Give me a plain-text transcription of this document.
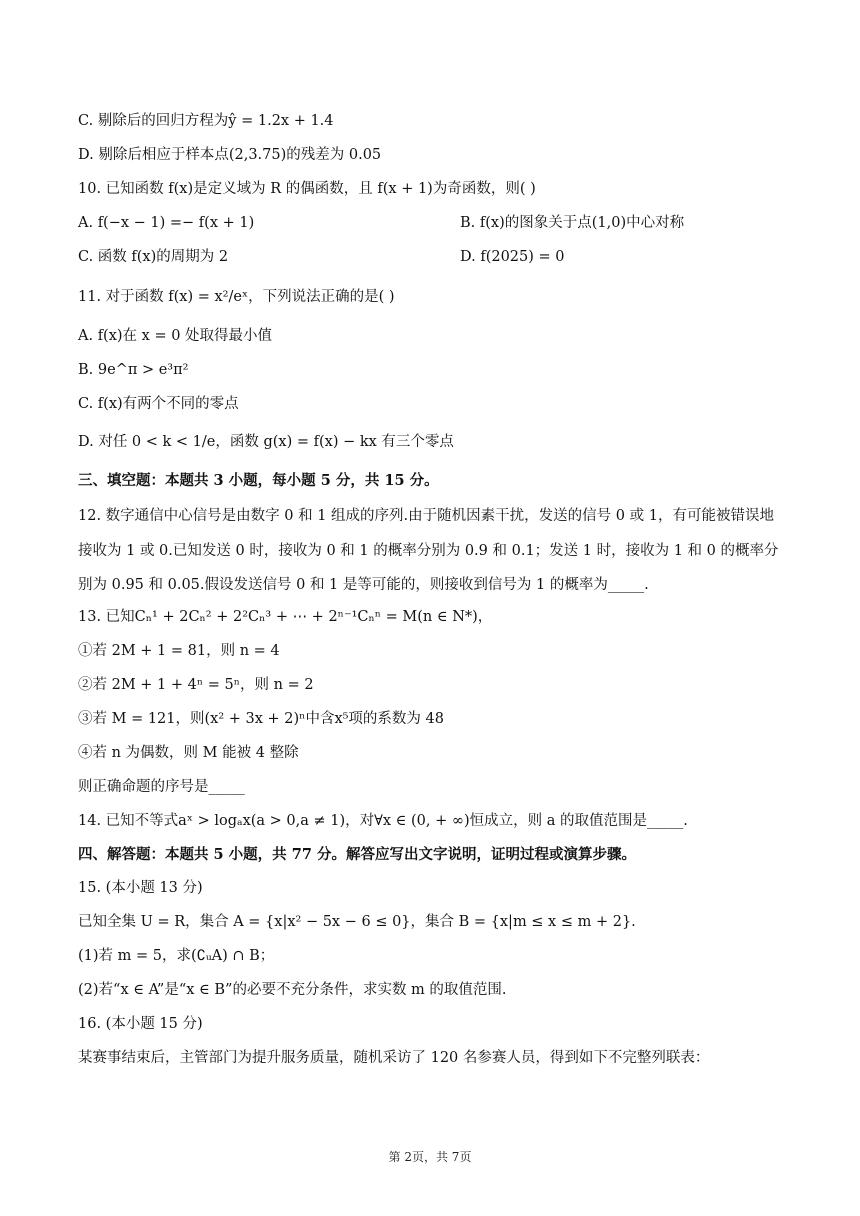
C. 剔除后的回归方程为ŷ = 1.2x + 1.4
D. 剔除后相应于样本点(2,3.75)的残差为 0.05
10. 已知函数 f(x)是定义域为 R 的偶函数，且 f(x + 1)为奇函数，则( )
A. f(−x − 1) =− f(x + 1)	B. f(x)的图象关于点(1,0)中心对称
C. 函数 f(x)的周期为 2	D. f(2025) = 0
11. 对于函数 f(x) = x²/eˣ，下列说法正确的是( )
A. f(x)在 x = 0 处取得最小值
B. 9e^π > e³π²
C. f(x)有两个不同的零点
D. 对任 0 < k < 1/e，函数 g(x) = f(x) − kx 有三个零点
三、填空题：本题共 3 小题，每小题 5 分，共 15 分。
12. 数字通信中心信号是由数字 0 和 1 组成的序列.由于随机因素干扰，发送的信号 0 或 1，有可能被错误地
接收为 1 或 0.已知发送 0 时，接收为 0 和 1 的概率分别为 0.9 和 0.1；发送 1 时，接收为 1 和 0 的概率分
别为 0.95 和 0.05.假设发送信号 0 和 1 是等可能的，则接收到信号为 1 的概率为_____.
13. 已知Cₙ¹ + 2Cₙ² + 2²Cₙ³ + ⋯ + 2ⁿ⁻¹Cₙⁿ = M(n ∈ N*)，
①若 2M + 1 = 81，则 n = 4
②若 2M + 1 + 4ⁿ = 5ⁿ，则 n = 2
③若 M = 121，则(x² + 3x + 2)ⁿ中含x⁵项的系数为 48
④若 n 为偶数，则 M 能被 4 整除
则正确命题的序号是_____
14. 已知不等式aˣ > logₐx(a > 0,a ≠ 1)，对∀x ∈ (0, + ∞)恒成立，则 a 的取值范围是_____.
四、解答题：本题共 5 小题，共 77 分。解答应写出文字说明，证明过程或演算步骤。
15. (本小题 13 分)
已知全集 U = R，集合 A = {x|x² − 5x − 6 ≤ 0}，集合 B = {x|m ≤ x ≤ m + 2}.
(1)若 m = 5，求(∁ᵤA) ∩ B；
(2)若“x ∈ A”是“x ∈ B”的必要不充分条件，求实数 m 的取值范围.
16. (本小题 15 分)
某赛事结束后，主管部门为提升服务质量，随机采访了 120 名参赛人员，得到如下不完整列联表：
第 2页，共 7页
